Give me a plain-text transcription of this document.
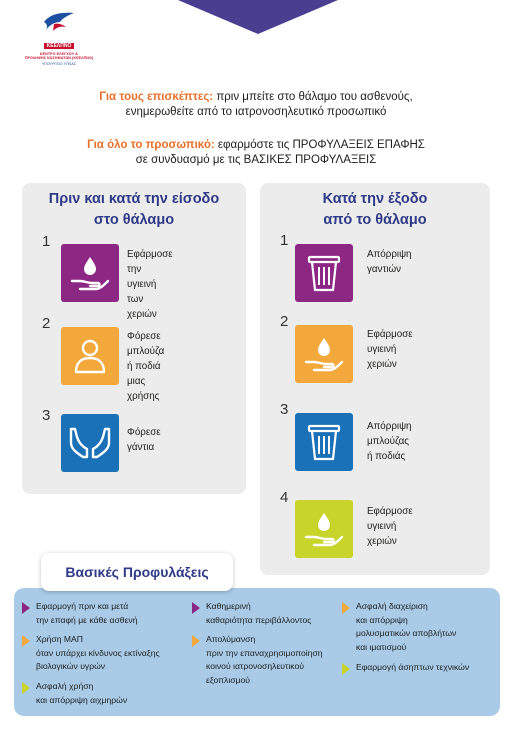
ΚΕΕΛΠΝΟ
ΚΕΝΤΡΟ ΕΛΕΓΧΟΥ &
ΠΡΟΛΗΨΗΣ ΝΟΣΗΜΑΤΩΝ (ΚΕΕΛΠΝΟ)
ΥΠΟΥΡΓΕΙΟ ΥΓΕΙΑΣ
Για τους επισκέπτες: πριν μπείτε στο θάλαμο του ασθενούς,
ενημερωθείτε από το ιατρονοσηλευτικό προσωπικό
Για όλο το προσωπικό: εφαρμόστε τις ΠΡΟΦΥΛΑΞΕΙΣ ΕΠΑΦΗΣ
σε συνδυασμό με τις ΒΑΣΙΚΕΣ ΠΡΟΦΥΛΑΞΕΙΣ
Πριν και κατά την είσοδο
στο θάλαμο
1
Εφάρμοσε
την υγιεινή
των χεριών
2
Φόρεσε
μπλούζα ή ποδιά
μιας χρήσης
3
Φόρεσε γάντια
Κατά την έξοδο
από το θάλαμο
1
Απόρριψη γαντιών
2
Εφάρμοσε
υγιεινή χεριών
3
Απόρριψη
μπλούζας ή ποδιάς
4
Εφάρμοσε
υγιεινή χεριών
Εφαρμογή πριν και μετά
την επαφή με κάθε ασθενή
Χρήση ΜΑΠ
όταν υπάρχει κίνδυνος εκτίναξης
βιολογικών υγρών
Ασφαλή χρήση
και απόρριψη αιχμηρών
Καθημερινή
καθαριότητα περιβάλλοντος
Απολύμανση
πριν την επαναχρησιμοποίηση
κοινού ιατρονοσηλευτικού
εξοπλισμού
Ασφαλή διαχείριση
και απόρριψη
μολυσματικών αποβλήτων
και ιματισμού
Εφαρμογή άσηπτων τεχνικών
Βασικές Προφυλάξεις
